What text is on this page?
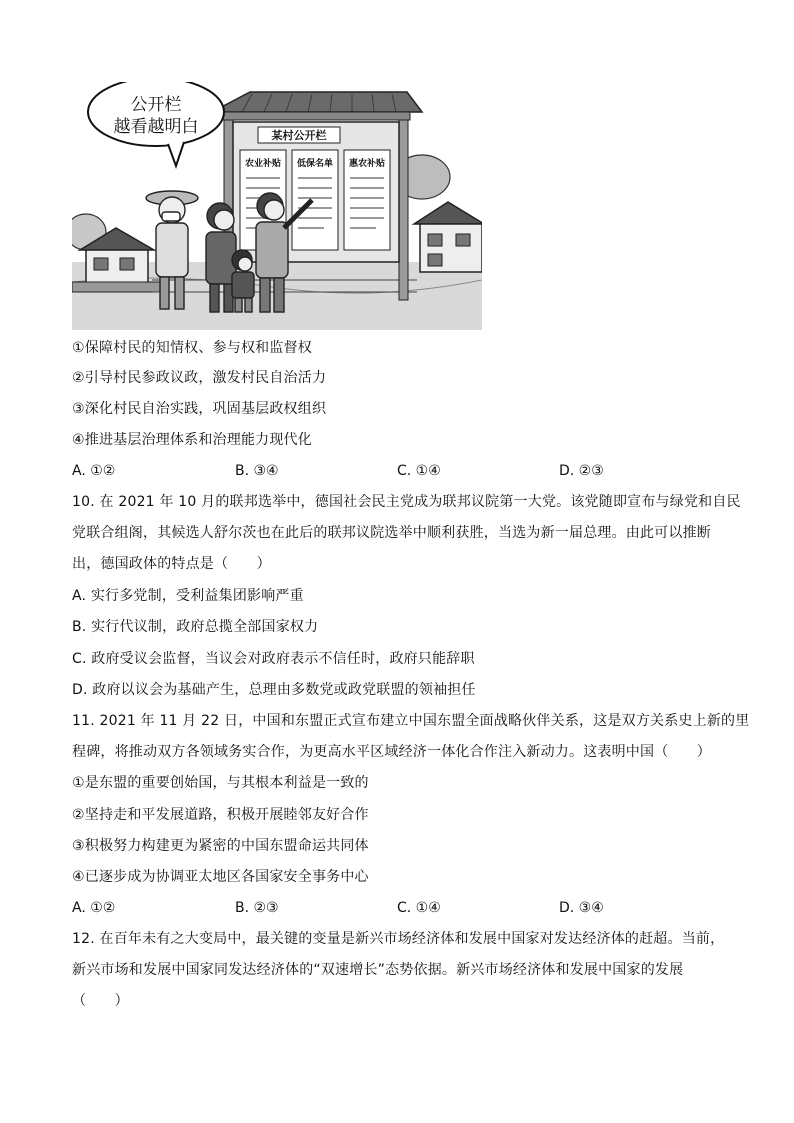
某村公开栏
农业补贴 低保名单 惠农补贴
公开栏
越看越明白
①保障村民的知情权、参与权和监督权
②引导村民参政议政，激发村民自治活力
③深化村民自治实践，巩固基层政权组织
④推进基层治理体系和治理能力现代化
A. ①②	B. ③④	C. ①④	D. ②③
10. 在 2021 年 10 月的联邦选举中，德国社会民主党成为联邦议院第一大党。该党随即宣布与绿党和自民
党联合组阁，其候选人舒尔茨也在此后的联邦议院选举中顺利获胜，当选为新一届总理。由此可以推断
出，德国政体的特点是（　　）
A. 实行多党制，受利益集团影响严重
B. 实行代议制，政府总揽全部国家权力
C. 政府受议会监督，当议会对政府表示不信任时，政府只能辞职
D. 政府以议会为基础产生，总理由多数党或政党联盟的领袖担任
11. 2021 年 11 月 22 日，中国和东盟正式宣布建立中国东盟全面战略伙伴关系，这是双方关系史上新的里
程碑，将推动双方各领域务实合作，为更高水平区域经济一体化合作注入新动力。这表明中国（　　）
①是东盟的重要创始国，与其根本利益是一致的
②坚持走和平发展道路，积极开展睦邻友好合作
③积极努力构建更为紧密的中国东盟命运共同体
④已逐步成为协调亚太地区各国家安全事务中心
A. ①②	B. ②③	C. ①④	D. ③④
12. 在百年未有之大变局中，最关键的变量是新兴市场经济体和发展中国家对发达经济体的赶超。当前，
新兴市场和发展中国家同发达经济体的“双速增长”态势依据。新兴市场经济体和发展中国家的发展
（　　）
